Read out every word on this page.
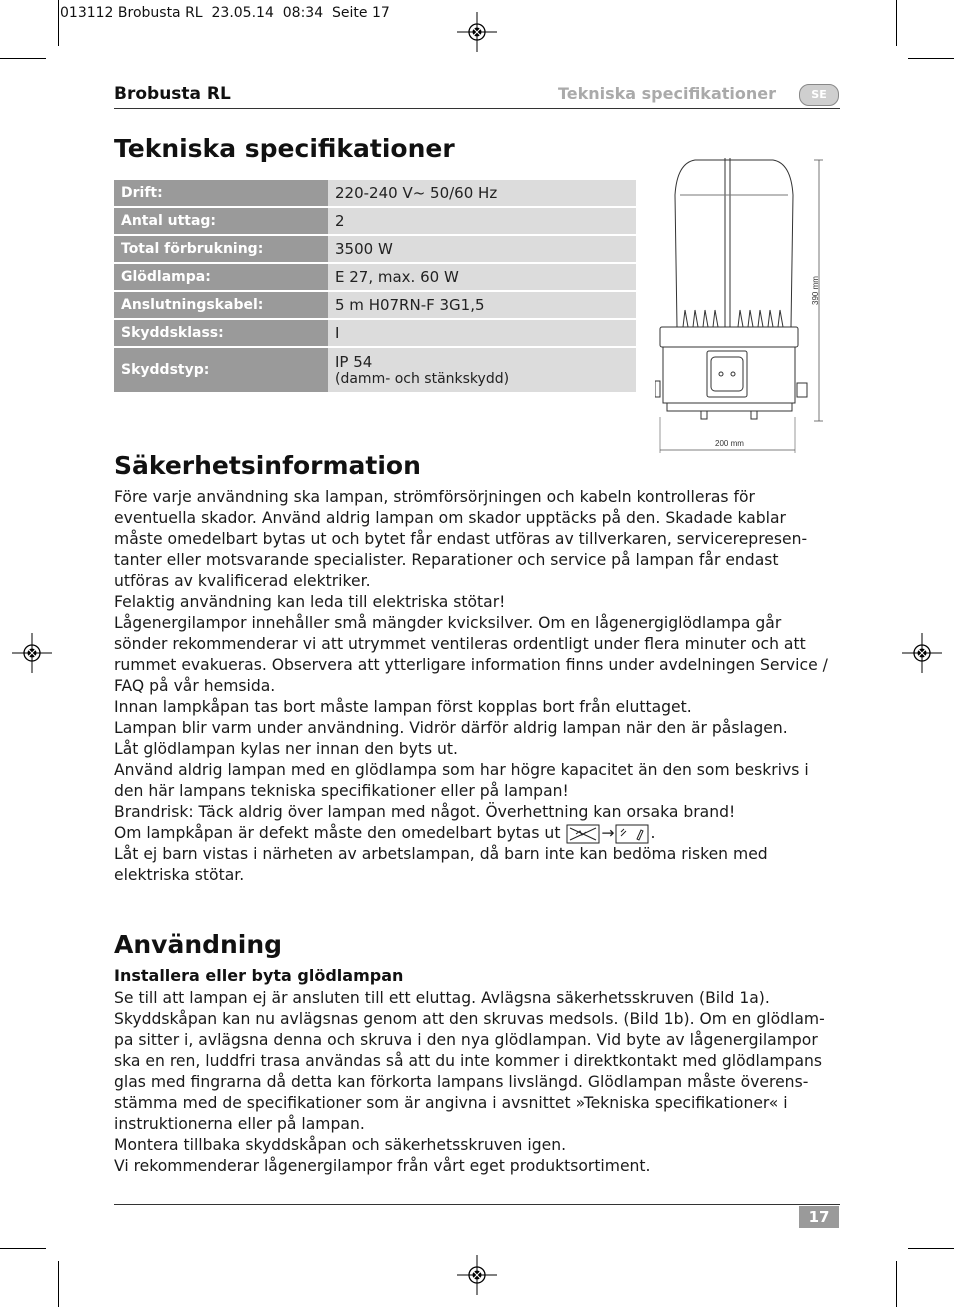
013112 Brobusta RL  23.05.14  08:34  Seite 17
Brobusta RL	Tekniska specifikationer	SE
Tekniska specifikationer
Drift:	220-240 V~ 50/60 Hz
Antal uttag:	2
Total förbrukning:	3500 W
Glödlampa:	E 27, max. 60 W
Anslutningskabel:	5 m H07RN-F 3G1,5
Skyddsklass:	I
Skyddstyp:	IP 54
(damm- och stänkskydd)
390 mm
200 mm
Säkerhetsinformation
Före varje användning ska lampan, strömförsörjningen och kabeln kontrolleras för
eventuella skador. Använd aldrig lampan om skador upptäcks på den. Skadade kablar
måste omedelbart bytas ut och bytet får endast utföras av tillverkaren, servicerepresen-
tanter eller motsvarande specialister. Reparationer och service på lampan får endast
utföras av kvalificerad elektriker.
Felaktig användning kan leda till elektriska stötar!
Lågenergilampor innehåller små mängder kvicksilver. Om en lågenergiglödlampa går
sönder rekommenderar vi att utrymmet ventileras ordentligt under flera minuter och att
rummet evakueras. Observera att ytterligare information finns under avdelningen Service /
FAQ på vår hemsida.
Innan lampkåpan tas bort måste lampan först kopplas bort från eluttaget.
Lampan blir varm under användning. Vidrör därför aldrig lampan när den är påslagen.
Låt glödlampan kylas ner innan den byts ut.
Använd aldrig lampan med en glödlampa som har högre kapacitet än den som beskrivs i
den här lampans tekniska specifikationer eller på lampan!
Brandrisk: Täck aldrig över lampan med något. Överhettning kan orsaka brand!
Om lampkåpan är defekt måste den omedelbart bytas ut	→ .
Låt ej barn vistas i närheten av arbetslampan, då barn inte kan bedöma risken med
elektriska stötar.
Användning
Installera eller byta glödlampan
Se till att lampan ej är ansluten till ett eluttag. Avlägsna säkerhetsskruven (Bild 1a).
Skyddskåpan kan nu avlägsnas genom att den skruvas medsols. (Bild 1b). Om en glödlam-
pa sitter i, avlägsna denna och skruva i den nya glödlampan. Vid byte av lågenergilampor
ska en ren, luddfri trasa användas så att du inte kommer i direktkontakt med glödlampans
glas med fingrarna då detta kan förkorta lampans livslängd. Glödlampan måste överens-
stämma med de specifikationer som är angivna i avsnittet »Tekniska specifikationer« i
instruktionerna eller på lampan.
Montera tillbaka skyddskåpan och säkerhetsskruven igen.
Vi rekommenderar lågenergilampor från vårt eget produktsortiment.
17
